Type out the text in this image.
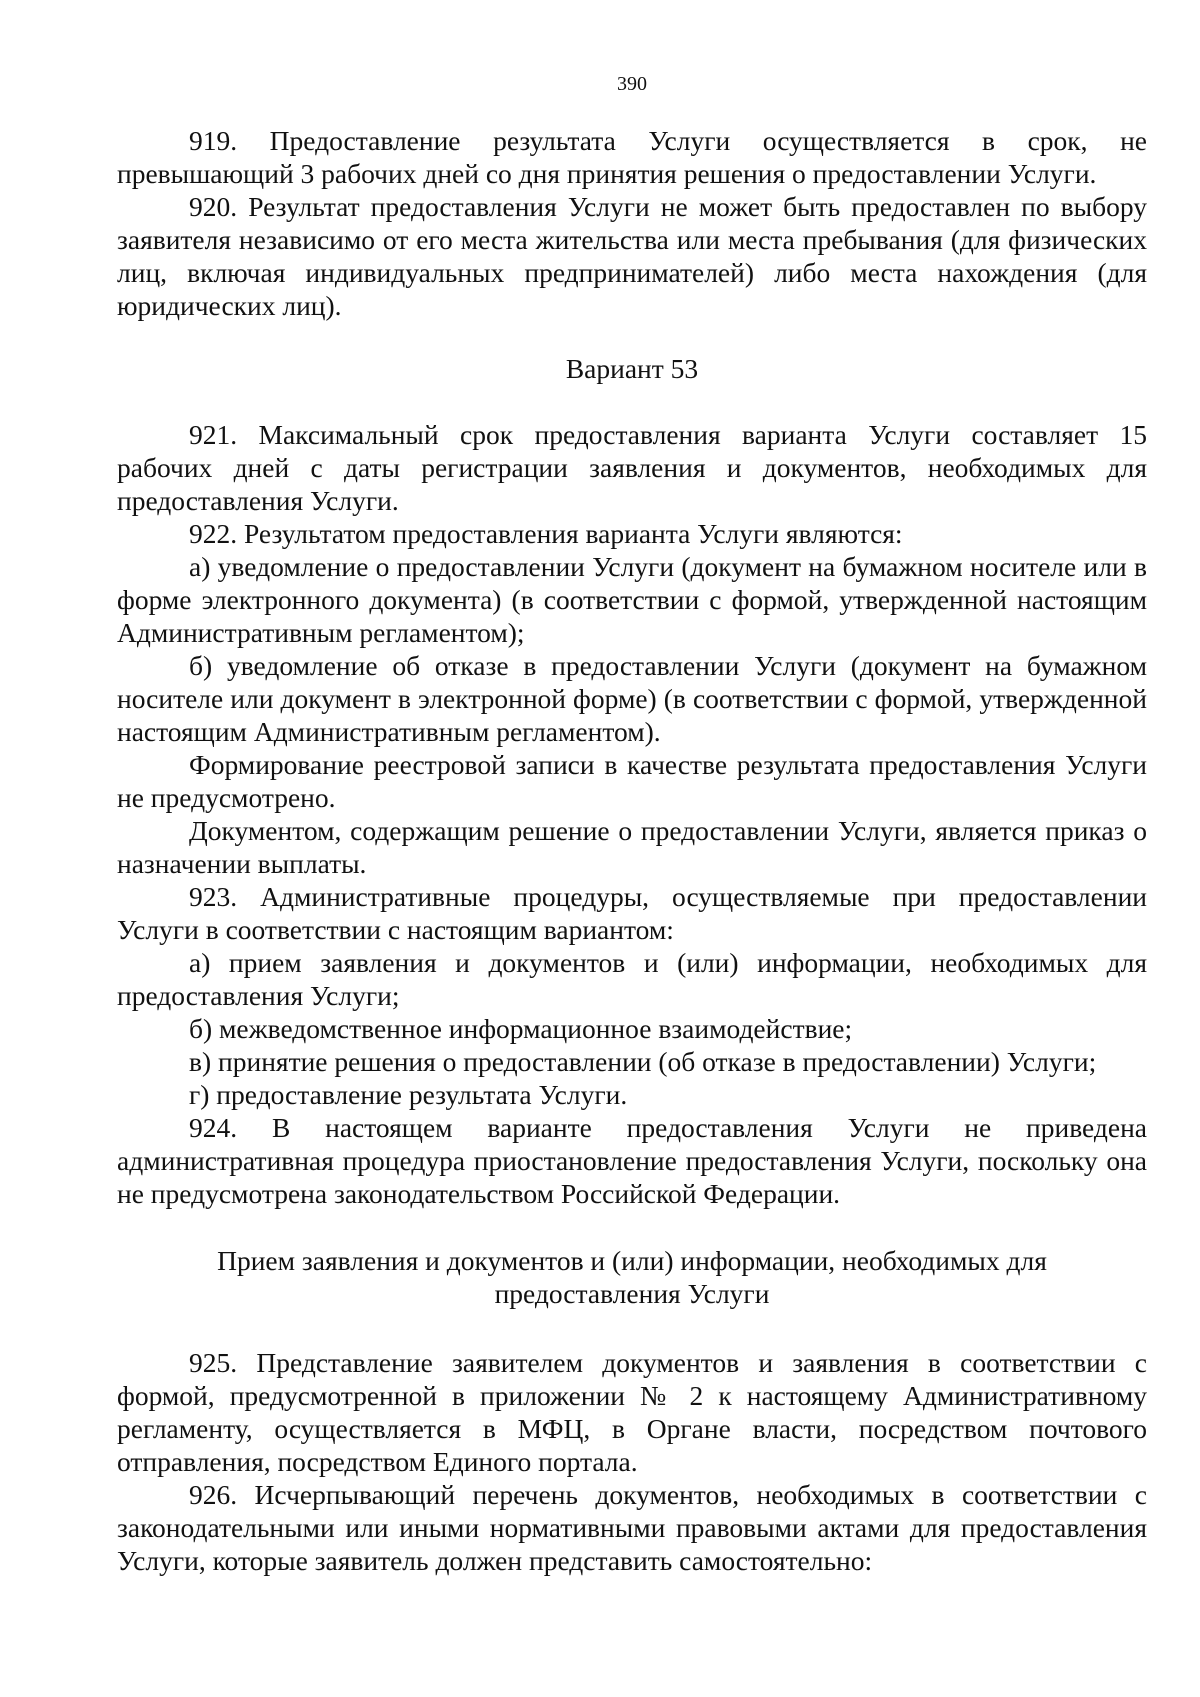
390

919. Предоставление результата Услуги осуществляется в срок, не превышающий 3 рабочих дней со дня принятия решения о предоставлении Услуги.

920. Результат предоставления Услуги не может быть предоставлен по выбору заявителя независимо от его места жительства или места пребывания (для физических лиц, включая индивидуальных предпринимателей) либо места нахождения (для юридических лиц).

Вариант 53

921. Максимальный срок предоставления варианта Услуги составляет 15 рабочих дней с даты регистрации заявления и документов, необходимых для предоставления Услуги.

922. Результатом предоставления варианта Услуги являются:

а) уведомление о предоставлении Услуги (документ на бумажном носителе или в форме электронного документа) (в соответствии с формой, утвержденной настоящим Административным регламентом);

б) уведомление об отказе в предоставлении Услуги (документ на бумажном носителе или документ в электронной форме) (в соответствии с формой, утвержденной настоящим Административным регламентом).

Формирование реестровой записи в качестве результата предоставления Услуги не предусмотрено.

Документом, содержащим решение о предоставлении Услуги, является приказ о назначении выплаты.

923. Административные процедуры, осуществляемые при предоставлении Услуги в соответствии с настоящим вариантом:

а) прием заявления и документов и (или) информации, необходимых для предоставления Услуги;

б) межведомственное информационное взаимодействие;

в) принятие решения о предоставлении (об отказе в предоставлении) Услуги;

г) предоставление результата Услуги.

924. В настоящем варианте предоставления Услуги не приведена административная процедура приостановление предоставления Услуги, поскольку она не предусмотрена законодательством Российской Федерации.

Прием заявления и документов и (или) информации, необходимых для

предоставления Услуги

925. Представление заявителем документов и заявления в соответствии с формой, предусмотренной в приложении № 2 к настоящему Административному регламенту, осуществляется в МФЦ, в Органе власти, посредством почтового отправления, посредством Единого портала.

926. Исчерпывающий перечень документов, необходимых в соответствии с законодательными или иными нормативными правовыми актами для предоставления Услуги, которые заявитель должен представить самостоятельно:
